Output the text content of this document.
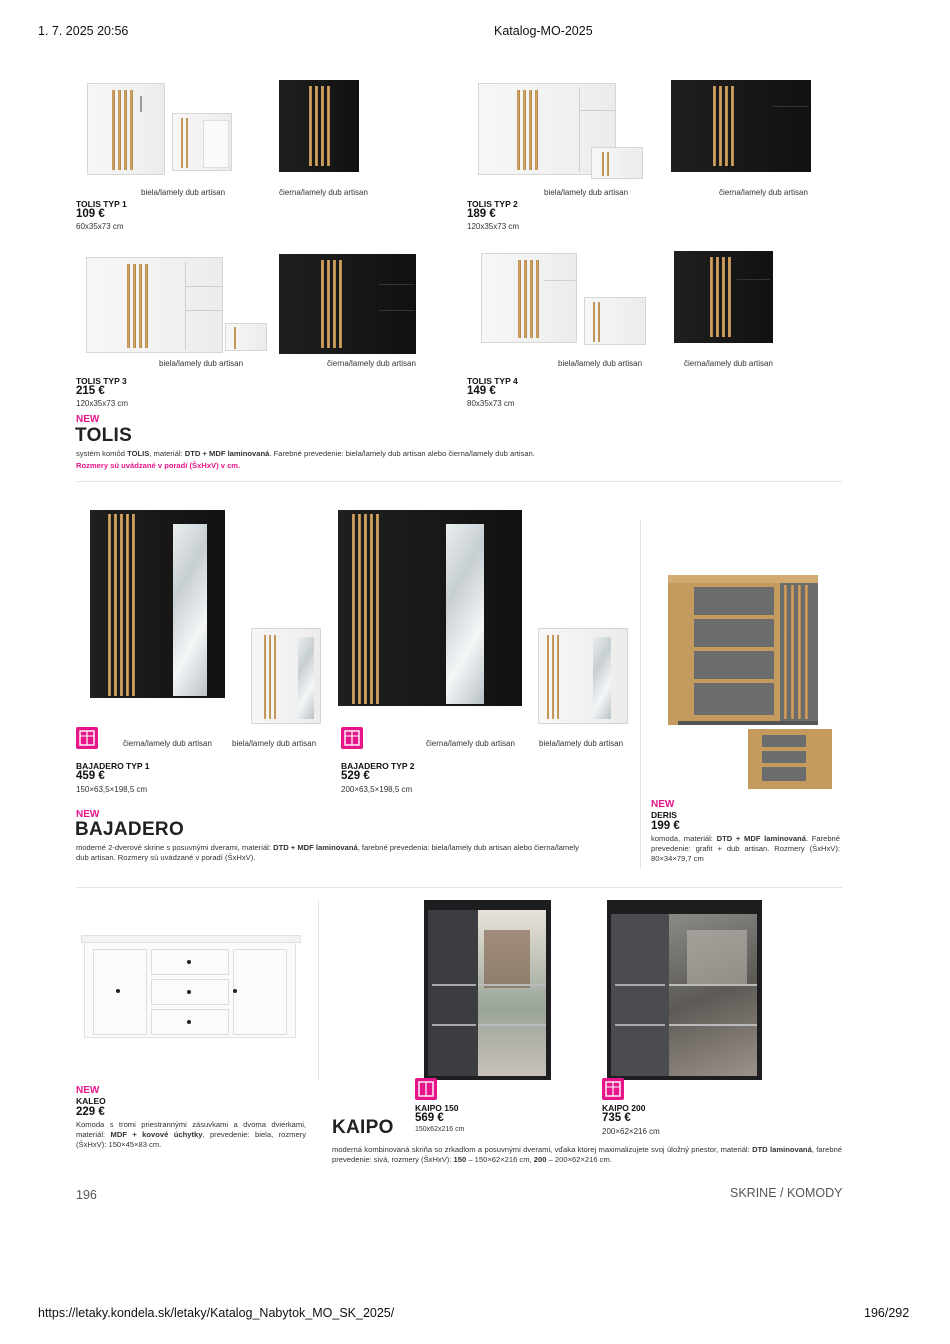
1. 7. 2025 20:56	Katalog-MO-2025
biela/lamely dub artisan	čierna/lamely dub artisan
TOLIS TYP 1
109 €
60x35x73 cm
biela/lamely dub artisan	čierna/lamely dub artisan
TOLIS TYP 2
189 €
120x35x73 cm
biela/lamely dub artisan	čierna/lamely dub artisan
TOLIS TYP 3
215 €
120x35x73 cm
biela/lamely dub artisan	čierna/lamely dub artisan
TOLIS TYP 4
149 €
80x35x73 cm
NEW
TOLIS
systém komôd TOLIS, materiál: DTD + MDF laminovaná. Farebné prevedenie: biela/lamely dub artisan alebo čierna/lamely dub artisan.
Rozmery sú uvádzané v poradí (ŠxHxV) v cm.
čierna/lamely dub artisan	biela/lamely dub artisan
BAJADERO TYP 1
459 €
150×63,5×198,5 cm
čierna/lamely dub artisan	biela/lamely dub artisan
BAJADERO TYP 2
529 €
200×63,5×198,5 cm
NEW
BAJADERO
moderné 2-dverové skrine s posuvnými dverami, materiál: DTD + MDF laminovaná, farebné prevedenia: biela/lamely dub artisan alebo čierna/lamely
dub artisan. Rozmery sú uvádzané v poradí (ŠxHxV).
NEW
DERIS
199 €
komoda, materiál: DTD + MDF laminovaná. Farebné prevedenie: grafit + dub artisan. Rozmery (ŠxHxV): 80×34×79,7 cm
NEW
KALEO
229 €
Komoda s tromi priestrannými zásuvkami a dvoma dvierkami, materiál: MDF + kovové úchytky, prevedenie: biela, rozmery (ŠxHxV): 150×45×83 cm.
KAIPO
KAIPO 150
569 €
150x62x216 cm
KAIPO 200
735 €
200×62×216 cm
moderná kombinovaná skriňa so zrkadlom a posuvnými dverami, vďaka ktorej maximalizujete svoj úložný priestor, materiál: DTD laminovaná, farebné prevedenie: sivá, rozmery (ŠxHxV): 150 – 150×62×216 cm, 200 – 200×62×216 cm.
196	SKRINE / KOMODY
https://letaky.kondela.sk/letaky/Katalog_Nabytok_MO_SK_2025/	196/292
